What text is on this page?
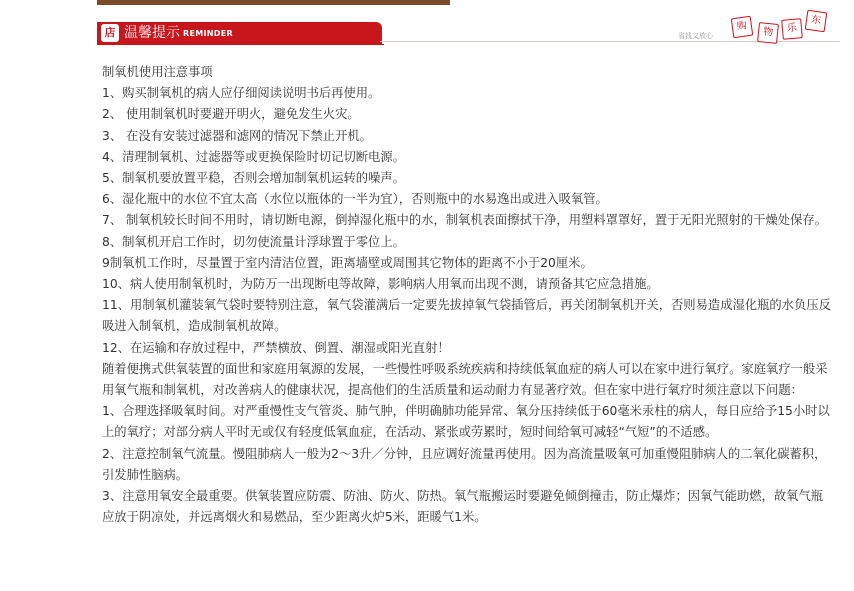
店 温馨提示 REMINDER	省钱又放心
购	物	乐
东

制氧机使用注意事项

1、购买制氧机的病人应仔细阅读说明书后再使用。

2、 使用制氧机时要避开明火，避免发生火灾。

3、 在没有安装过滤器和滤网的情况下禁止开机。

4、清理制氧机、过滤器等或更换保险时切记切断电源。

5、制氧机要放置平稳，否则会增加制氧机运转的噪声。

6、湿化瓶中的水位不宜太高（水位以瓶体的一半为宜），否则瓶中的水易逸出或进入吸氧管。

7、 制氧机较长时间不用时，请切断电源，倒掉湿化瓶中的水，制氧机表面擦拭干净，用塑料罩罩好，置于无阳光照射的干燥处保存。

8、制氧机开启工作时，切勿使流量计浮球置于零位上。

9制氧机工作时，尽量置于室内清洁位置，距离墙壁或周围其它物体的距离不小于20厘米。

10、病人使用制氧机时，为防万一出现断电等故障，影响病人用氧而出现不测，请预备其它应急措施。

11、用制氧机灌装氧气袋时要特别注意，氧气袋灌满后一定要先拔掉氧气袋插管后，再关闭制氧机开关，否则易造成湿化瓶的水负压反吸进入制氧机，造成制氧机故障。

12、在运输和存放过程中，严禁横放、倒置、潮湿或阳光直射！

随着便携式供氧装置的面世和家庭用氧源的发展，一些慢性呼吸系统疾病和持续低氧血症的病人可以在家中进行氧疗。家庭氧疗一般采用氧气瓶和制氧机，对改善病人的健康状况，提高他们的生活质量和运动耐力有显著疗效。但在家中进行氧疗时须注意以下问题：

1、合理选择吸氧时间。对严重慢性支气管炎、肺气肿，伴明确肺功能异常、氧分压持续低于60毫米汞柱的病人，每日应给予15小时以上的氧疗；对部分病人平时无或仅有轻度低氧血症，在活动、紧张或劳累时，短时间给氧可减轻“气短”的不适感。

2、注意控制氧气流量。慢阻肺病人一般为2～3升／分钟，且应调好流量再使用。因为高流量吸氧可加重慢阻肺病人的二氧化碳蓄积，引发肺性脑病。

3、注意用氧安全最重要。供氧装置应防震、防油、防火、防热。氧气瓶搬运时要避免倾倒撞击，防止爆炸；因氧气能助燃，故氧气瓶应放于阴凉处，并远离烟火和易燃品，至少距离火炉5米，距暖气1米。
